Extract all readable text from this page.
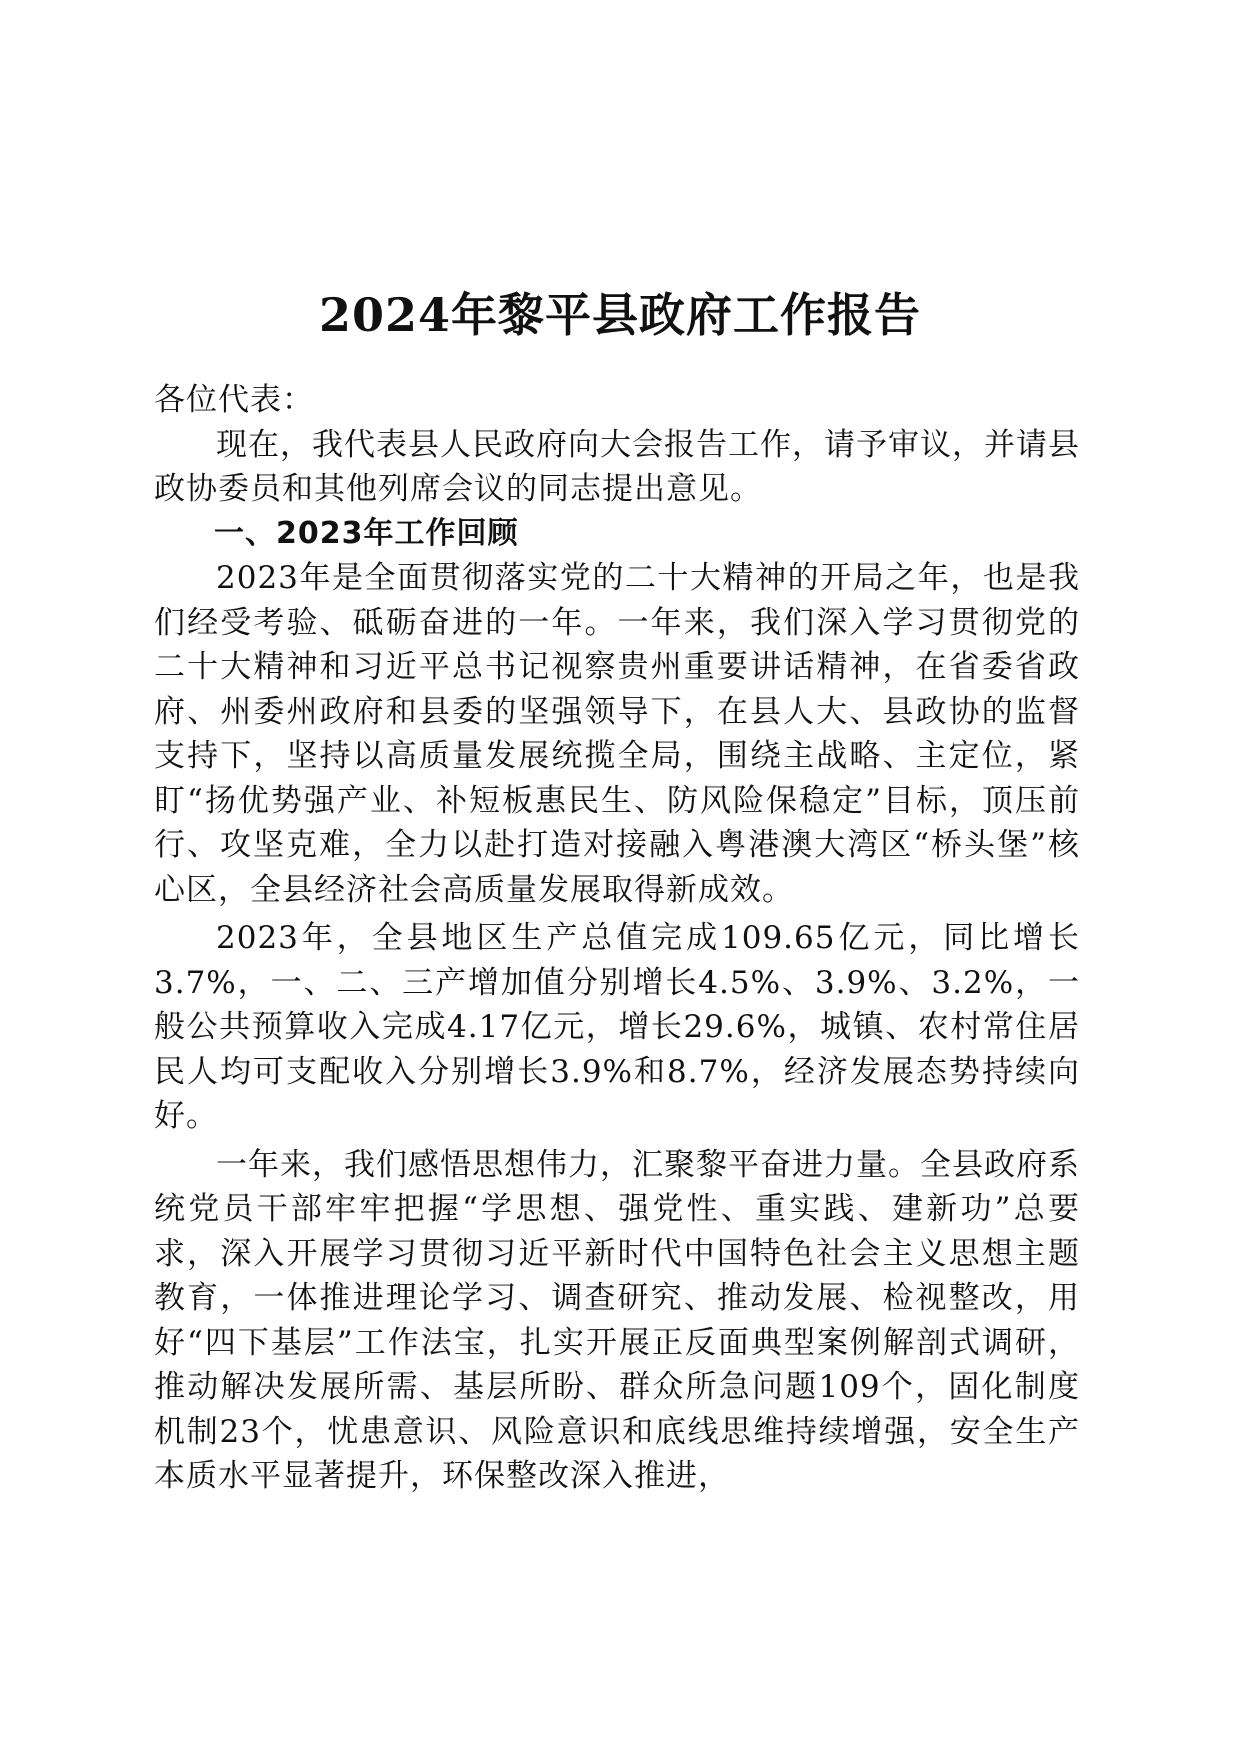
2024年黎平县政府工作报告

各位代表：

现在，我代表县人民政府向大会报告工作，请予审议，并请县政协委员和其他列席会议的同志提出意见。

一、2023年工作回顾

2023年是全面贯彻落实党的二十大精神的开局之年，也是我们经受考验、砥砺奋进的一年。一年来，我们深入学习贯彻党的二十大精神和习近平总书记视察贵州重要讲话精神，在省委省政府、州委州政府和县委的坚强领导下，在县人大、县政协的监督支持下，坚持以高质量发展统揽全局，围绕主战略、主定位，紧盯“扬优势强产业、补短板惠民生、防风险保稳定”目标，顶压前行、攻坚克难，全力以赴打造对接融入粤港澳大湾区“桥头堡”核心区，全县经济社会高质量发展取得新成效。

2023年，全县地区生产总值完成109.65亿元，同比增长3.7%，一、二、三产增加值分别增长4.5%、3.9%、3.2%，一般公共预算收入完成4.17亿元，增长29.6%，城镇、农村常住居民人均可支配收入分别增长3.9%和8.7%，经济发展态势持续向好。

一年来，我们感悟思想伟力，汇聚黎平奋进力量。全县政府系统党员干部牢牢把握“学思想、强党性、重实践、建新功”总要求，深入开展学习贯彻习近平新时代中国特色社会主义思想主题教育，一体推进理论学习、调查研究、推动发展、检视整改，用好“四下基层”工作法宝，扎实开展正反面典型案例解剖式调研，推动解决发展所需、基层所盼、群众所急问题109个，固化制度机制23个，忧患意识、风险意识和底线思维持续增强，安全生产本质水平显著提升，环保整改深入推进，
